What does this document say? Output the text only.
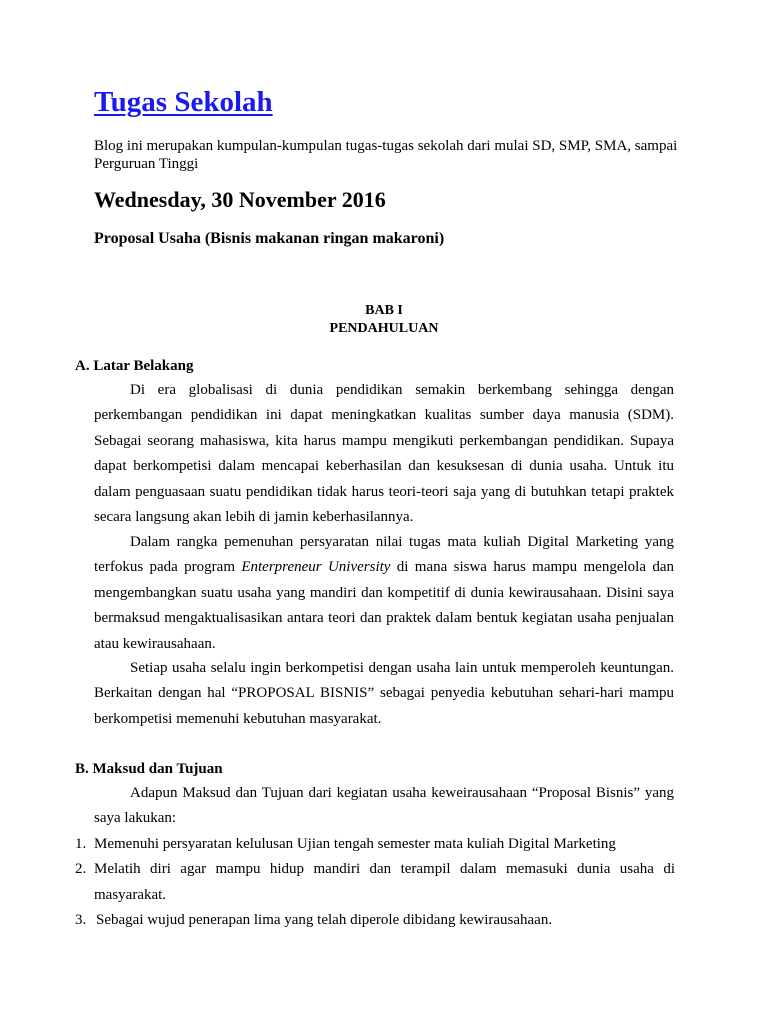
Tugas Sekolah
Blog ini merupakan kumpulan-kumpulan tugas-tugas sekolah dari mulai SD, SMP, SMA, sampai Perguruan Tinggi
Wednesday, 30 November 2016
Proposal Usaha (Bisnis makanan ringan makaroni)
BAB I
PENDAHULUAN
A. Latar Belakang

Di era globalisasi di dunia pendidikan semakin berkembang sehingga dengan perkembangan pendidikan ini dapat meningkatkan kualitas sumber daya manusia (SDM). Sebagai seorang mahasiswa, kita harus mampu mengikuti perkembangan pendidikan. Supaya dapat berkompetisi dalam mencapai keberhasilan dan kesuksesan di dunia usaha. Untuk itu dalam penguasaan suatu pendidikan tidak harus teori-teori saja yang di butuhkan tetapi praktek secara langsung akan lebih di jamin keberhasilannya.

Dalam rangka pemenuhan persyaratan nilai tugas mata kuliah Digital Marketing yang terfokus pada program Enterpreneur University di mana siswa harus mampu mengelola dan mengembangkan suatu usaha yang mandiri dan kompetitif di dunia kewirausahaan. Disini saya bermaksud mengaktualisasikan antara teori dan praktek dalam bentuk kegiatan usaha penjualan atau kewirausahaan.

Setiap usaha selalu ingin berkompetisi dengan usaha lain untuk memperoleh keuntungan. Berkaitan dengan hal “PROPOSAL BISNIS” sebagai penyedia kebutuhan sehari-hari mampu berkompetisi memenuhi kebutuhan masyarakat.

B. Maksud dan Tujuan

Adapun Maksud dan Tujuan dari kegiatan usaha keweirausahaan “Proposal Bisnis” yang saya lakukan:

1. Memenuhi persyaratan kelulusan Ujian tengah semester mata kuliah Digital Marketing
2. Melatih diri agar mampu hidup mandiri dan terampil dalam memasuki dunia usaha di masyarakat.
3. Sebagai wujud penerapan lima yang telah diperole dibidang kewirausahaan.
